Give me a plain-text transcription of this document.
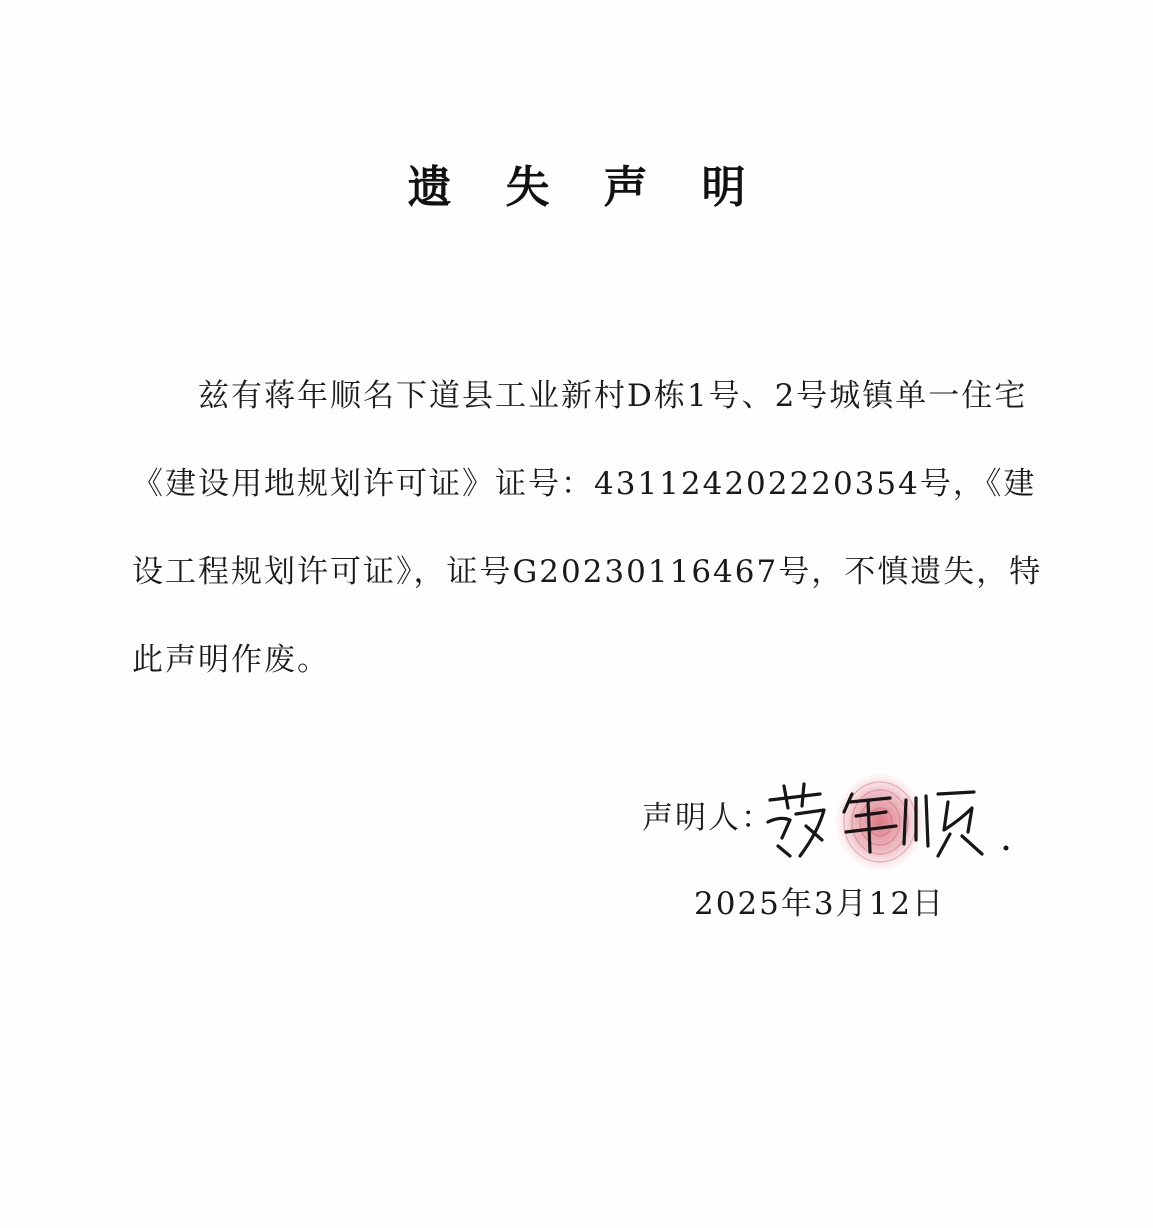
遗失声明

　　兹有蒋年顺名下道县工业新村D栋1号、2号城镇单一住宅《建设用地规划许可证》证号：431124202220354号，《建设工程规划许可证》，证号G20230116467号，不慎遗失，特此声明作废。

声明人：
2025年3月12日
